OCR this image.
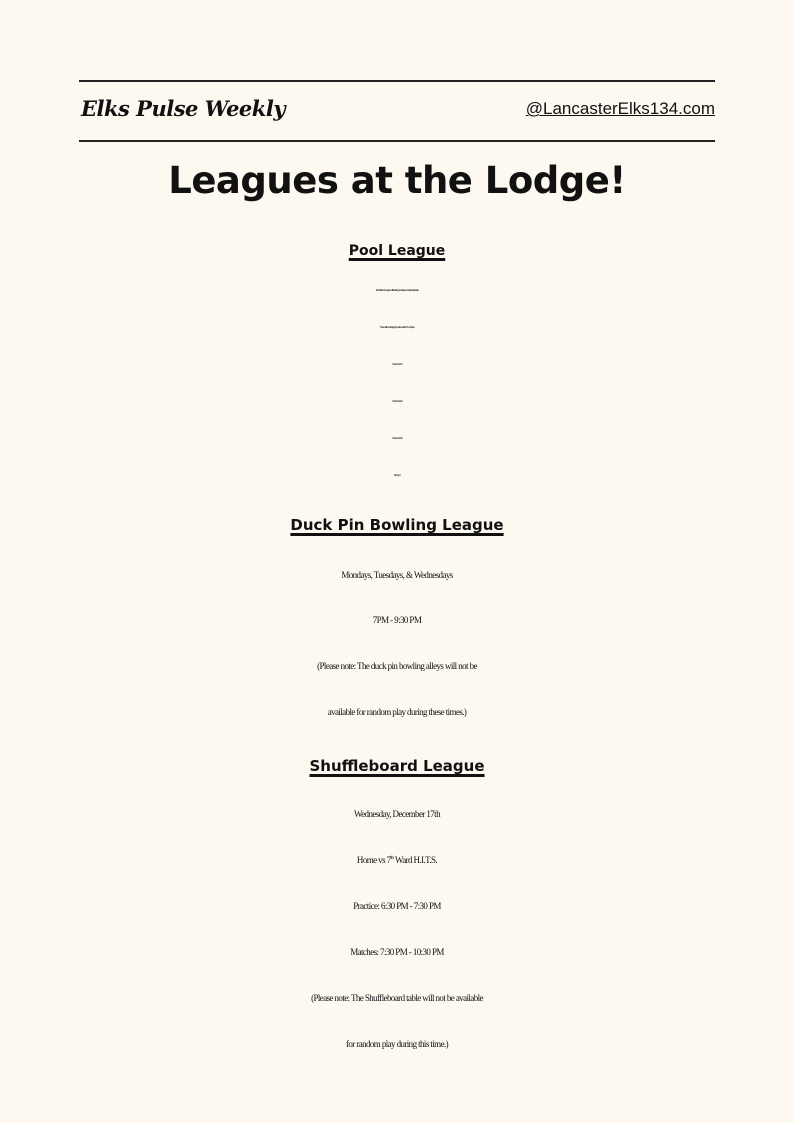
Elks Pulse Weekly	@LancasterElks134.com
Leagues at the Lodge!
Pool League
The Elks Pool League will be taking a mid-season and holiday break.
There will be no league play on the next four Mondays:
• December 15
• December 22
• December 29
• January 5
Duck Pin Bowling League
Mondays, Tuesdays, & Wednesdays
7PM - 9:30 PM
(Please note: The duck pin bowling alleys will not be
available for random play during these times.)
Shuffleboard League
Wednesday, December 17th
Home vs 7th Ward H.I.T.S.
Practice: 6:30 PM - 7:30 PM
Matches: 7:30 PM - 10:30 PM
(Please note: The Shuffleboard table will not be available
for random play during this time.)
